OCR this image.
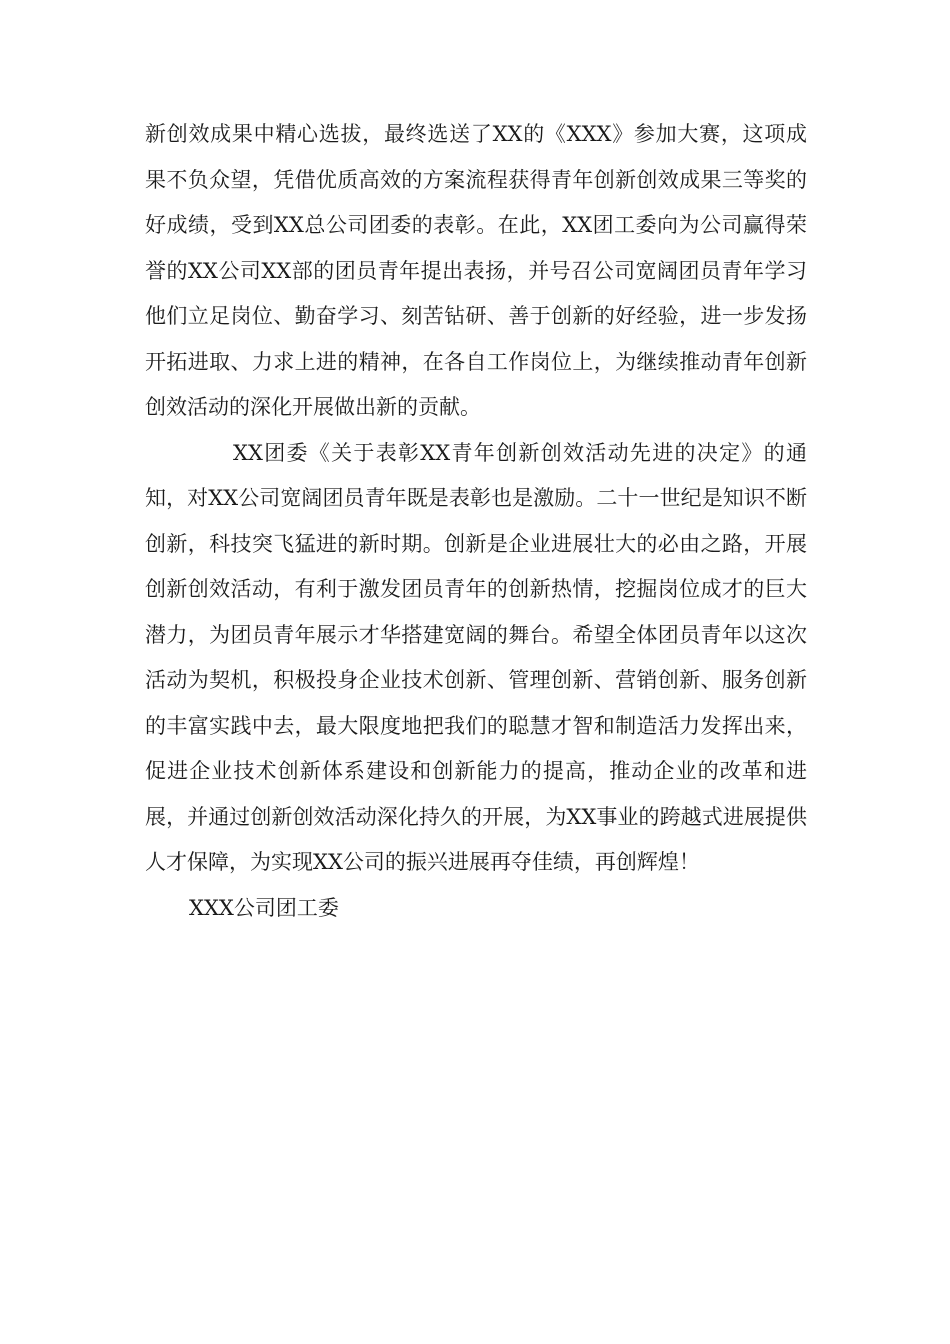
新创效成果中精心选拔，最终选送了XX的《XXX》参加大赛，这项成果不负众望，凭借优质高效的方案流程获得青年创新创效成果三等奖的好成绩，受到XX总公司团委的表彰。在此，XX团工委向为公司赢得荣誉的XX公司XX部的团员青年提出表扬，并号召公司宽阔团员青年学习他们立足岗位、勤奋学习、刻苦钻研、善于创新的好经验，进一步发扬开拓进取、力求上进的精神，在各自工作岗位上，为继续推动青年创新创效活动的深化开展做出新的贡献。

XX团委《关于表彰XX青年创新创效活动先进的决定》的通知，对XX公司宽阔团员青年既是表彰也是激励。二十一世纪是知识不断创新，科技突飞猛进的新时期。创新是企业进展壮大的必由之路，开展创新创效活动，有利于激发团员青年的创新热情，挖掘岗位成才的巨大潜力，为团员青年展示才华搭建宽阔的舞台。希望全体团员青年以这次活动为契机，积极投身企业技术创新、管理创新、营销创新、服务创新的丰富实践中去，最大限度地把我们的聪慧才智和制造活力发挥出来，促进企业技术创新体系建设和创新能力的提高，推动企业的改革和进展，并通过创新创效活动深化持久的开展，为XX事业的跨越式进展提供人才保障，为实现XX公司的振兴进展再夺佳绩，再创辉煌！

XXX公司团工委
